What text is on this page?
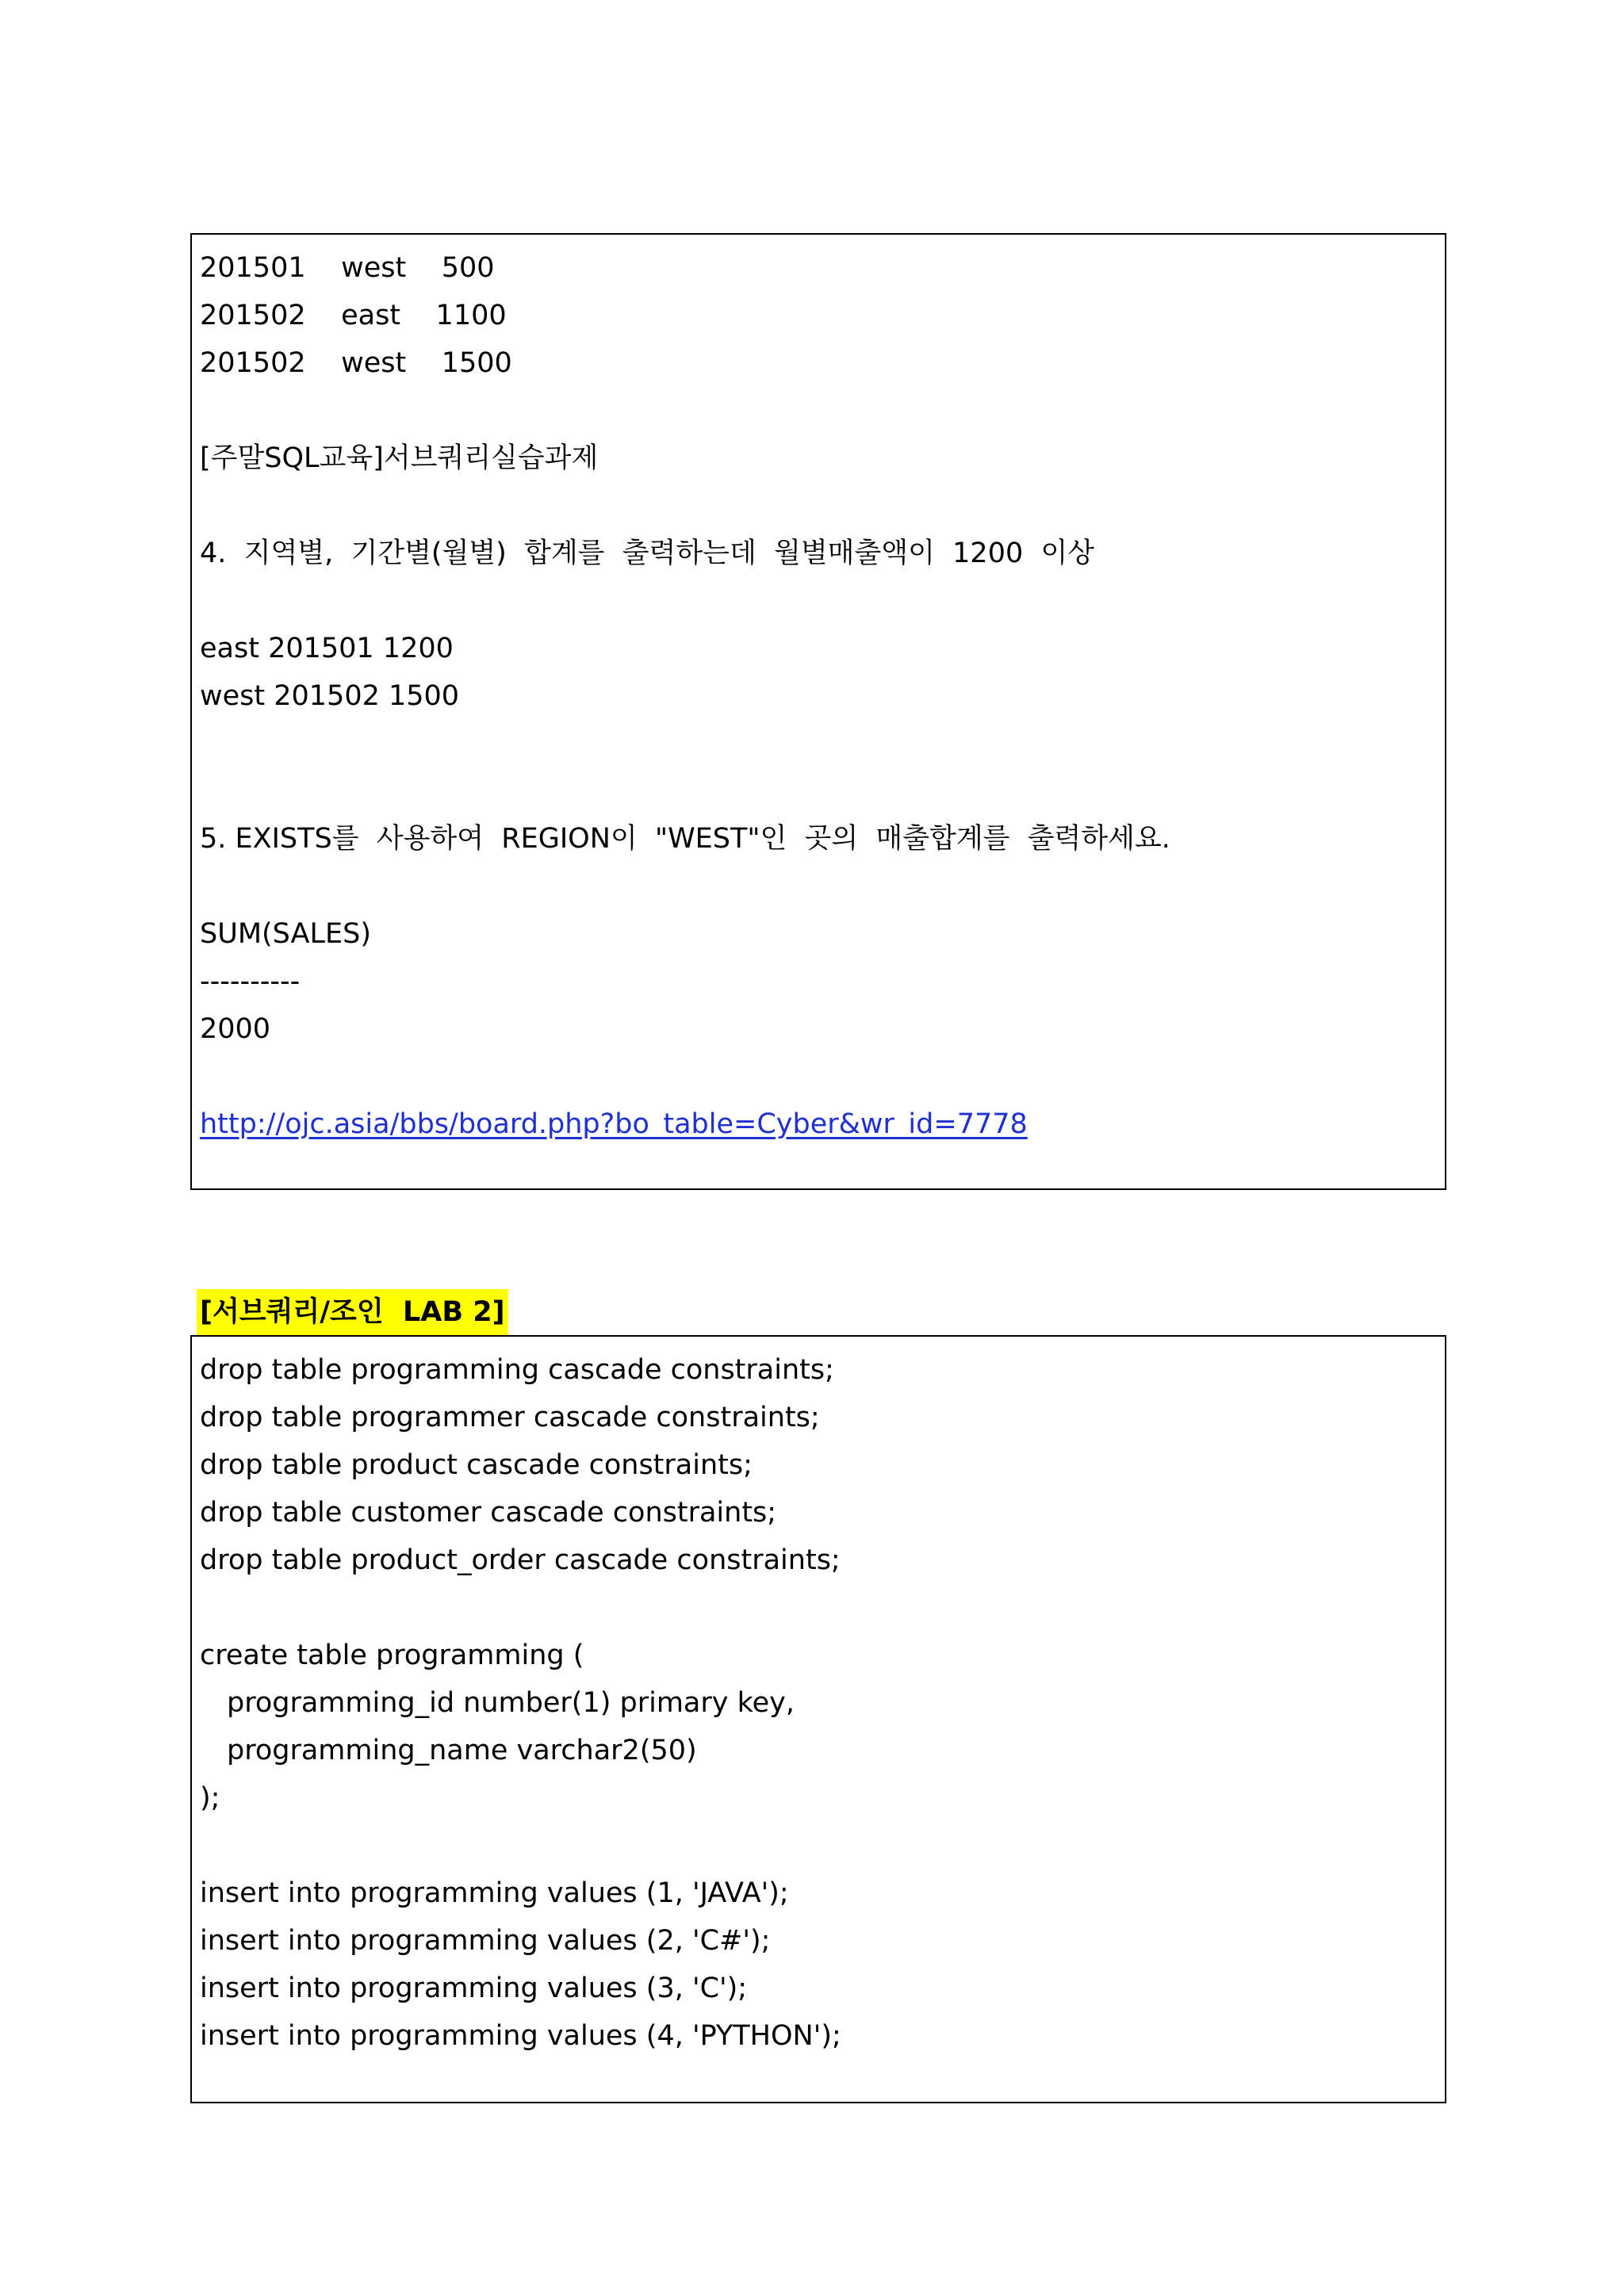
201501    west    500
201502    east    1100
201502    west    1500
[주말SQL교육]서브쿼리실습과제
4.  지역별,  기간별(월별)  합계를  출력하는데  월별매출액이  1200  이상
east 201501 1200
west 201502 1500
5. EXISTS를  사용하여  REGION이  "WEST"인  곳의  매출합계를  출력하세요.
SUM(SALES)
----------
2000
http://ojc.asia/bbs/board.php?bo_table=Cyber&wr_id=7778
[서브쿼리/조인  LAB 2]
drop table programming cascade constraints;
drop table programmer cascade constraints;
drop table product cascade constraints;
drop table customer cascade constraints;
drop table product_order cascade constraints;
create table programming (
programming_id number(1) primary key,
programming_name varchar2(50)
);
insert into programming values (1, 'JAVA');
insert into programming values (2, 'C#');
insert into programming values (3, 'C');
insert into programming values (4, 'PYTHON');
